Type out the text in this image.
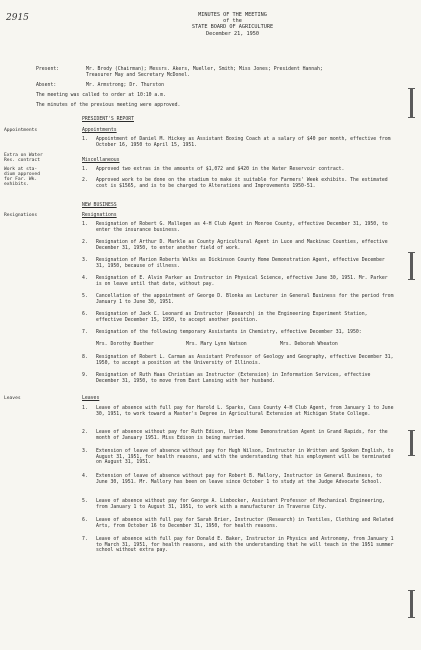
2915	MINUTES OF THE MEETING
of the
STATE BOARD OF AGRICULTURE
December 21, 1950
Present:	Mr. Brody (Chairman); Messrs. Akers, Mueller, Smith; Miss Jones; President Hannah;
Treasurer May and Secretary McDonel.
Absent:	Mr. Armstrong; Dr. Thurston
The meeting was called to order at 10:10 a.m.
The minutes of the previous meeting were approved.
PRESIDENT'S REPORT
Appointments	Appointments
1. Appointment of Daniel M. Hickey as Assistant Boxing Coach at a salary of $40 per month, effective from October 16, 1950 to April 15, 1951.
Extra on Water
Res. contract	Miscellaneous
Work at sta-
dium approved
for Far. Wk.
exhibits.
1. Approved two extras in the amounts of $1,072 and $420 in the Water Reservoir contract.
2. Approved work to be done on the stadium to make it suitable for Farmers' Week exhibits. The estimated cost is $1565, and is to be charged to Alterations and Improvements 1950-51.
NEW BUSINESS
Resignations	Resignations
1. Resignation of Robert G. Mallegen as 4-H Club Agent in Monroe County, effective December 31, 1950, to enter the insurance business.
2. Resignation of Arthur D. Markle as County Agricultural Agent in Luce and Mackinac Counties, effective December 31, 1950, to enter another field of work.
3. Resignation of Marion Roberts Walks as Dickinson County Home Demonstration Agent, effective December 31, 1950, because of illness.
4. Resignation of E. Alvin Parker as Instructor in Physical Science, effective June 30, 1951. Mr. Parker is on leave until that date, without pay.
5. Cancellation of the appointment of George D. Blonka as Lecturer in General Business for the period from January 1 to June 30, 1951.
6. Resignation of Jack C. Leonard as Instructor (Research) in the Engineering Experiment Station, effective December 15, 1950, to accept another position.
7. Resignation of the following temporary Assistants in Chemistry, effective December 31, 1950:
Mrs. Dorothy Buether	Mrs. Mary Lynn Watson	Mrs. Deborah Wheaton
8. Resignation of Robert L. Carman as Assistant Professor of Geology and Geography, effective December 31, 1950, to accept a position at the University of Illinois.
9. Resignation of Ruth Haas Christian as Instructor (Extension) in Information Services, effective December 31, 1950, to move from East Lansing with her husband.
Leaves	Leaves
1. Leave of absence with full pay for Harold L. Sparks, Cass County 4-H Club Agent, from January 1 to June 30, 1951, to work toward a Master's Degree in Agricultural Extension at Michigan State College.
2. Leave of absence without pay for Ruth Edison, Urban Home Demonstration Agent in Grand Rapids, for the month of January 1951. Miss Edison is being married.
3. Extension of leave of absence without pay for Hugh Wilson, Instructor in Written and Spoken English, to August 31, 1951, for health reasons, and with the understanding that his employment will be terminated on August 31, 1951.
4. Extension of leave of absence without pay for Robert B. Mallory, Instructor in General Business, to June 30, 1951. Mr. Mallory has been on leave since October 1 to study at the Judge Advocate School.
5. Leave of absence without pay for George A. Limbocker, Assistant Professor of Mechanical Engineering, from January 1 to August 31, 1951, to work with a manufacturer in Traverse City.
6. Leave of absence with full pay for Sarah Brier, Instructor (Research) in Textiles, Clothing and Related Arts, from October 16 to December 31, 1950, for health reasons.
7. Leave of absence with full pay for Donald E. Baker, Instructor in Physics and Astronomy, from January 1 to March 31, 1951, for health reasons, and with the understanding that he will teach in the 1951 summer school without extra pay.
